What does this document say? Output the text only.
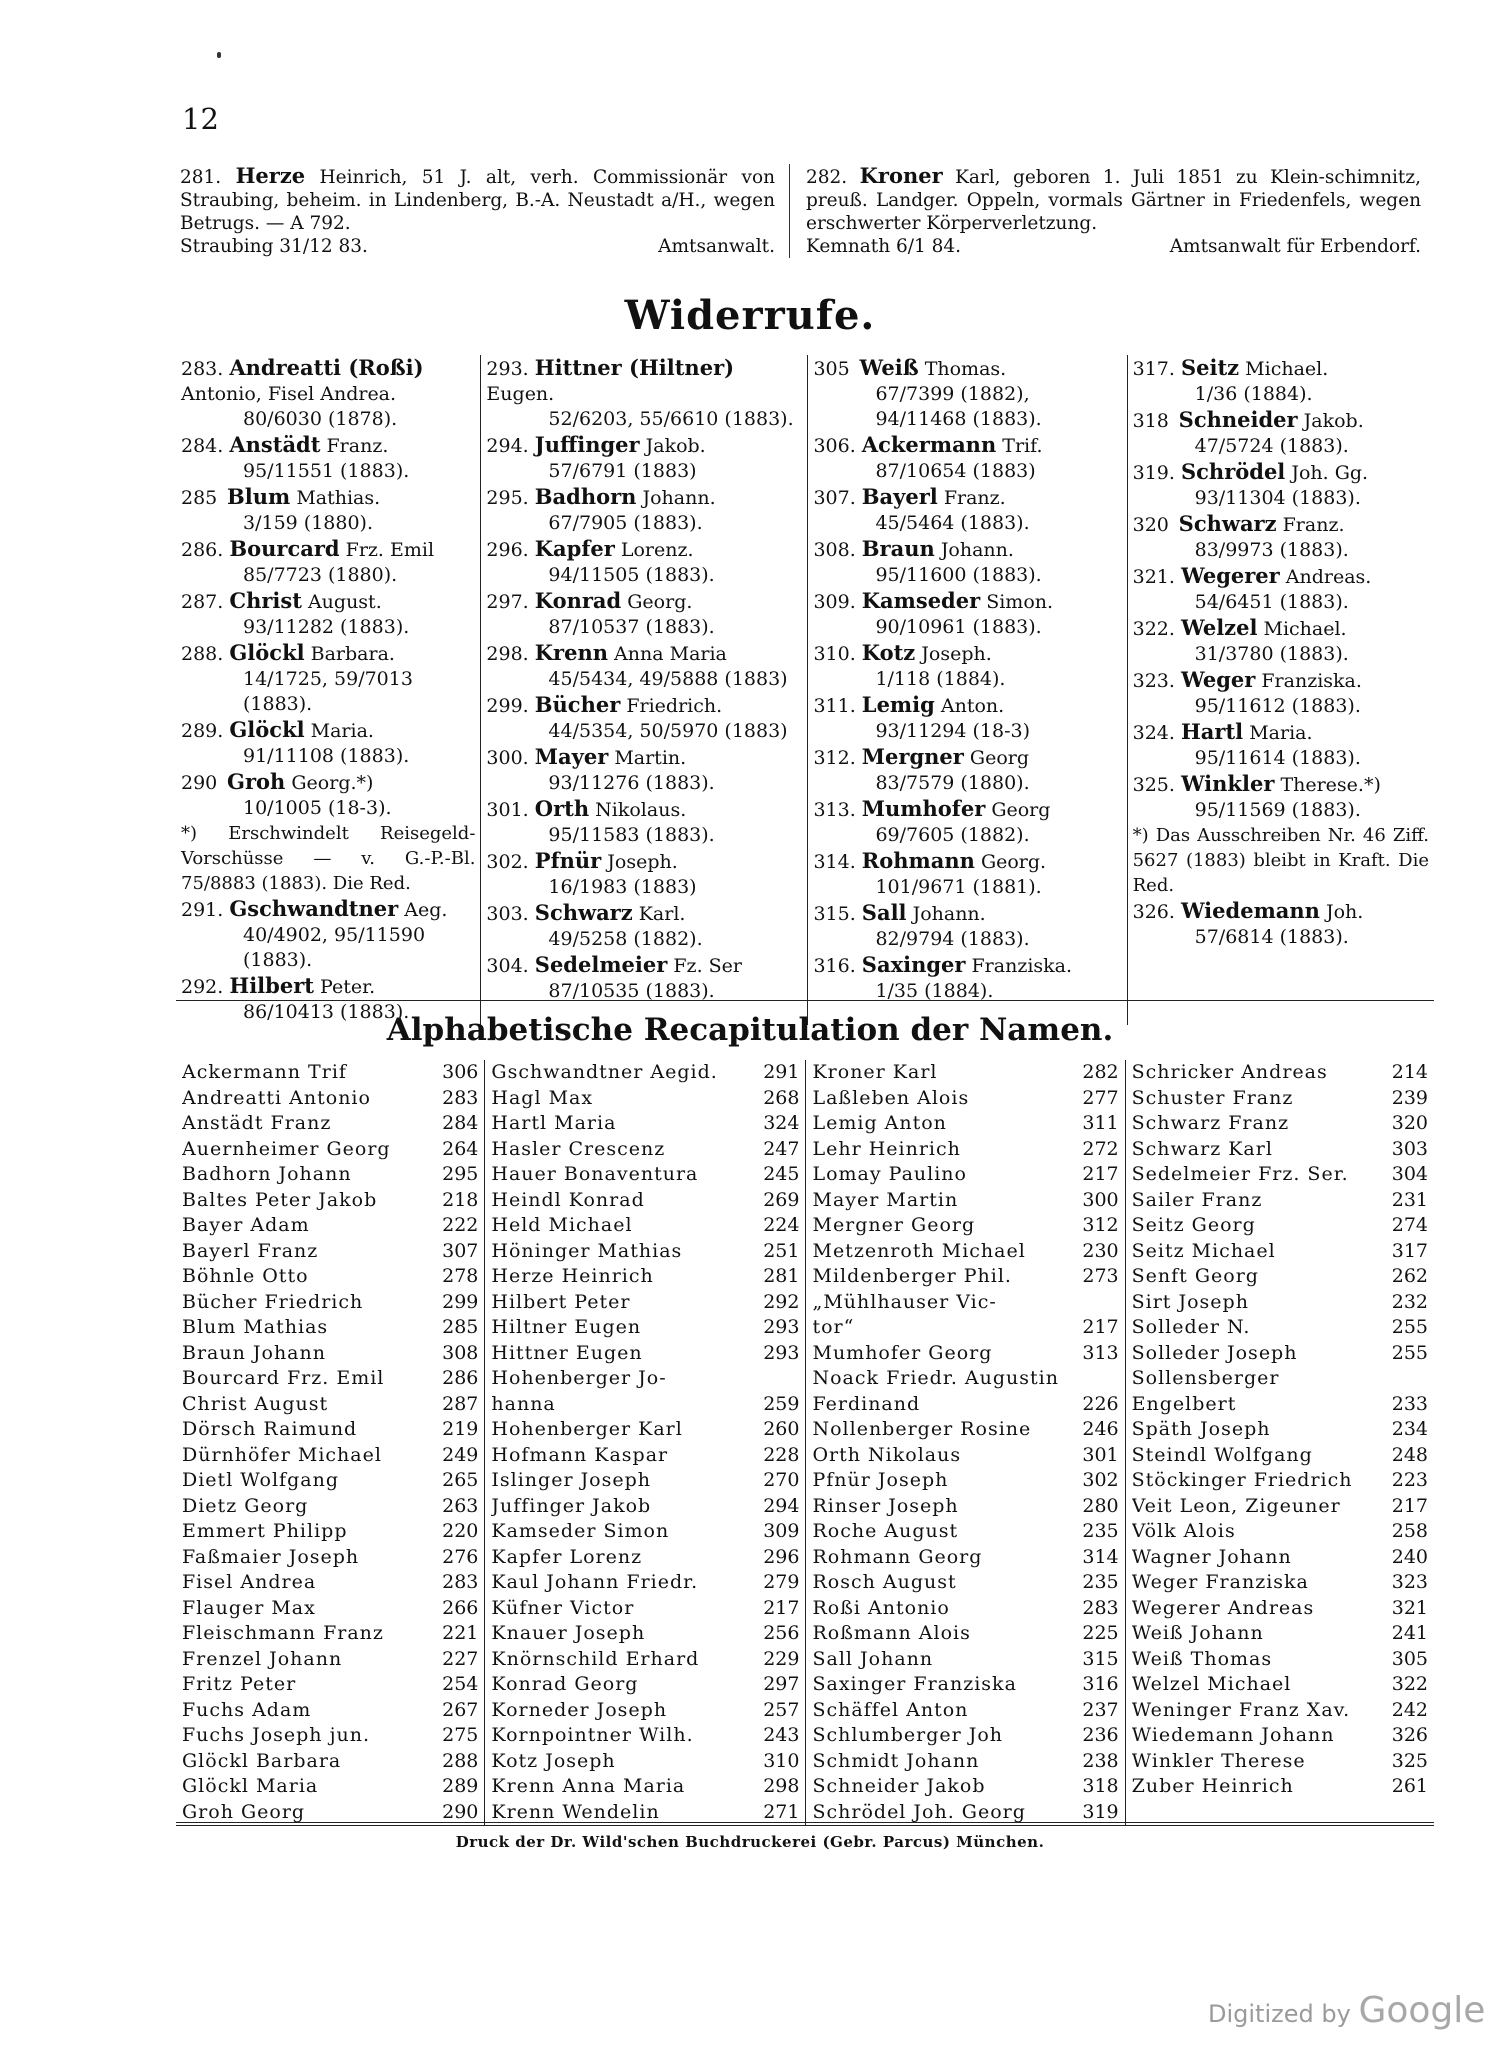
12
281. Herze Heinrich, 51 J. alt, verh. Commissionär von Straubing, beheim. in Lindenberg, B.-A. Neustadt a/H., wegen Betrugs. — A 792.
Straubing 31/12 83.	Amtsanwalt.
282. Kroner Karl, geboren 1. Juli 1851 zu Klein-schimnitz, preuß. Landger. Oppeln, vormals Gärtner in Friedenfels, wegen erschwerter Körperverletzung.
Kemnath 6/1 84.	Amtsanwalt für Erbendorf.
Widerrufe.
283. Andreatti (Roßi) Antonio, Fisel Andrea.
80/6030 (1878).
284. Anstädt Franz.
95/11551 (1883).
285 Blum Mathias.
3/159 (1880).
286. Bourcard Frz. Emil
85/7723 (1880).
287. Christ August.
93/11282 (1883).
288. Glöckl Barbara.
14/1725, 59/7013 (1883).
289. Glöckl Maria.
91/11108 (1883).
290 Groh Georg.*)
10/1005 (18-3).
*) Erschwindelt Reisegeld-Vorschüsse — v. G.-P.-Bl. 75/8883 (1883). Die Red.
291. Gschwandtner Aeg.
40/4902, 95/11590 (1883).
292. Hilbert Peter.
86/10413 (1883).
293. Hittner (Hiltner) Eugen.
52/6203, 55/6610 (1883).
294. Juffinger Jakob.
57/6791 (1883)
295. Badhorn Johann.
67/7905 (1883).
296. Kapfer Lorenz.
94/11505 (1883).
297. Konrad Georg.
87/10537 (1883).
298. Krenn Anna Maria
45/5434, 49/5888 (1883)
299. Bücher Friedrich.
44/5354, 50/5970 (1883)
300. Mayer Martin.
93/11276 (1883).
301. Orth Nikolaus.
95/11583 (1883).
302. Pfnür Joseph.
16/1983 (1883)
303. Schwarz Karl.
49/5258 (1882).
304. Sedelmeier Fz. Ser
87/10535 (1883).
305 Weiß Thomas.
67/7399 (1882), 94/11468 (1883).
306. Ackermann Trif.
87/10654 (1883)
307. Bayerl Franz.
45/5464 (1883).
308. Braun Johann.
95/11600 (1883).
309. Kamseder Simon.
90/10961 (1883).
310. Kotz Joseph.
1/118 (1884).
311. Lemig Anton.
93/11294 (18-3)
312. Mergner Georg
83/7579 (1880).
313. Mumhofer Georg
69/7605 (1882).
314. Rohmann Georg.
101/9671 (1881).
315. Sall Johann.
82/9794 (1883).
316. Saxinger Franziska.
1/35 (1884).
317. Seitz Michael.
1/36 (1884).
318 Schneider Jakob.
47/5724 (1883).
319. Schrödel Joh. Gg.
93/11304 (1883).
320 Schwarz Franz.
83/9973 (1883).
321. Wegerer Andreas.
54/6451 (1883).
322. Welzel Michael.
31/3780 (1883).
323. Weger Franziska.
95/11612 (1883).
324. Hartl Maria.
95/11614 (1883).
325. Winkler Therese.*)
95/11569 (1883).
*) Das Ausschreiben Nr. 46 Ziff. 5627 (1883) bleibt in Kraft. Die Red.
326. Wiedemann Joh.
57/6814 (1883).
Alphabetische Recapitulation der Namen.
Ackermann Trif	306
Andreatti Antonio	283
Anstädt Franz	284
Auernheimer Georg	264
Badhorn Johann	295
Baltes Peter Jakob	218
Bayer Adam	222
Bayerl Franz	307
Böhnle Otto	278
Bücher Friedrich	299
Blum Mathias	285
Braun Johann	308
Bourcard Frz. Emil	286
Christ August	287
Dörsch Raimund	219
Dürnhöfer Michael	249
Dietl Wolfgang	265
Dietz Georg	263
Emmert Philipp	220
Faßmaier Joseph	276
Fisel Andrea	283
Flauger Max	266
Fleischmann Franz	221
Frenzel Johann	227
Fritz Peter	254
Fuchs Adam	267
Fuchs Joseph jun.	275
Glöckl Barbara	288
Glöckl Maria	289
Groh Georg	290
Gschwandtner Aegid. 291
Hagl Max	268
Hartl Maria	324
Hasler Crescenz	247
Hauer Bonaventura	245
Heindl Konrad	269
Held Michael	224
Höninger Mathias	251
Herze Heinrich	281
Hilbert Peter	292
Hiltner Eugen	293
Hittner Eugen	293
Hohenberger Jo-
hanna	259
Hohenberger Karl	260
Hofmann Kaspar	228
Islinger Joseph	270
Juffinger Jakob	294
Kamseder Simon	309
Kapfer Lorenz	296
Kaul Johann Friedr.	279
Küfner Victor	217
Knauer Joseph	256
Knörnschild Erhard	229
Konrad Georg	297
Korneder Joseph	257
Kornpointner Wilh.	243
Kotz Joseph	310
Krenn Anna Maria	298
Krenn Wendelin	271
Kroner Karl	282
Laßleben Alois	277
Lemig Anton	311
Lehr Heinrich	272
Lomay Paulino	217
Mayer Martin	300
Mergner Georg	312
Metzenroth Michael	230
Mildenberger Phil.	273
„Mühlhauser Vic-
tor“	217
Mumhofer Georg	313
Noack Friedr. Augustin
Ferdinand	226
Nollenberger Rosine	246
Orth Nikolaus	301
Pfnür Joseph	302
Rinser Joseph	280
Roche August	235
Rohmann Georg	314
Rosch August	235
Roßi Antonio	283
Roßmann Alois	225
Sall Johann	315
Saxinger Franziska	316
Schäffel Anton	237
Schlumberger Joh	236
Schmidt Johann	238
Schneider Jakob	318
Schrödel Joh. Georg	319
Schricker Andreas	214
Schuster Franz	239
Schwarz Franz	320
Schwarz Karl	303
Sedelmeier Frz. Ser. 304
Sailer Franz	231
Seitz Georg	274
Seitz Michael	317
Senft Georg	262
Sirt Joseph	232
Solleder N.	255
Solleder Joseph	255
Sollensberger
Engelbert	233
Späth Joseph	234
Steindl Wolfgang	248
Stöckinger Friedrich 223
Veit Leon, Zigeuner	217
Völk Alois	258
Wagner Johann	240
Weger Franziska	323
Wegerer Andreas	321
Weiß Johann	241
Weiß Thomas	305
Welzel Michael	322
Weninger Franz Xav. 242
Wiedemann Johann	326
Winkler Therese	325
Zuber Heinrich	261
Druck der Dr. Wild'schen Buchdruckerei (Gebr. Parcus) München.
Digitized by Google
